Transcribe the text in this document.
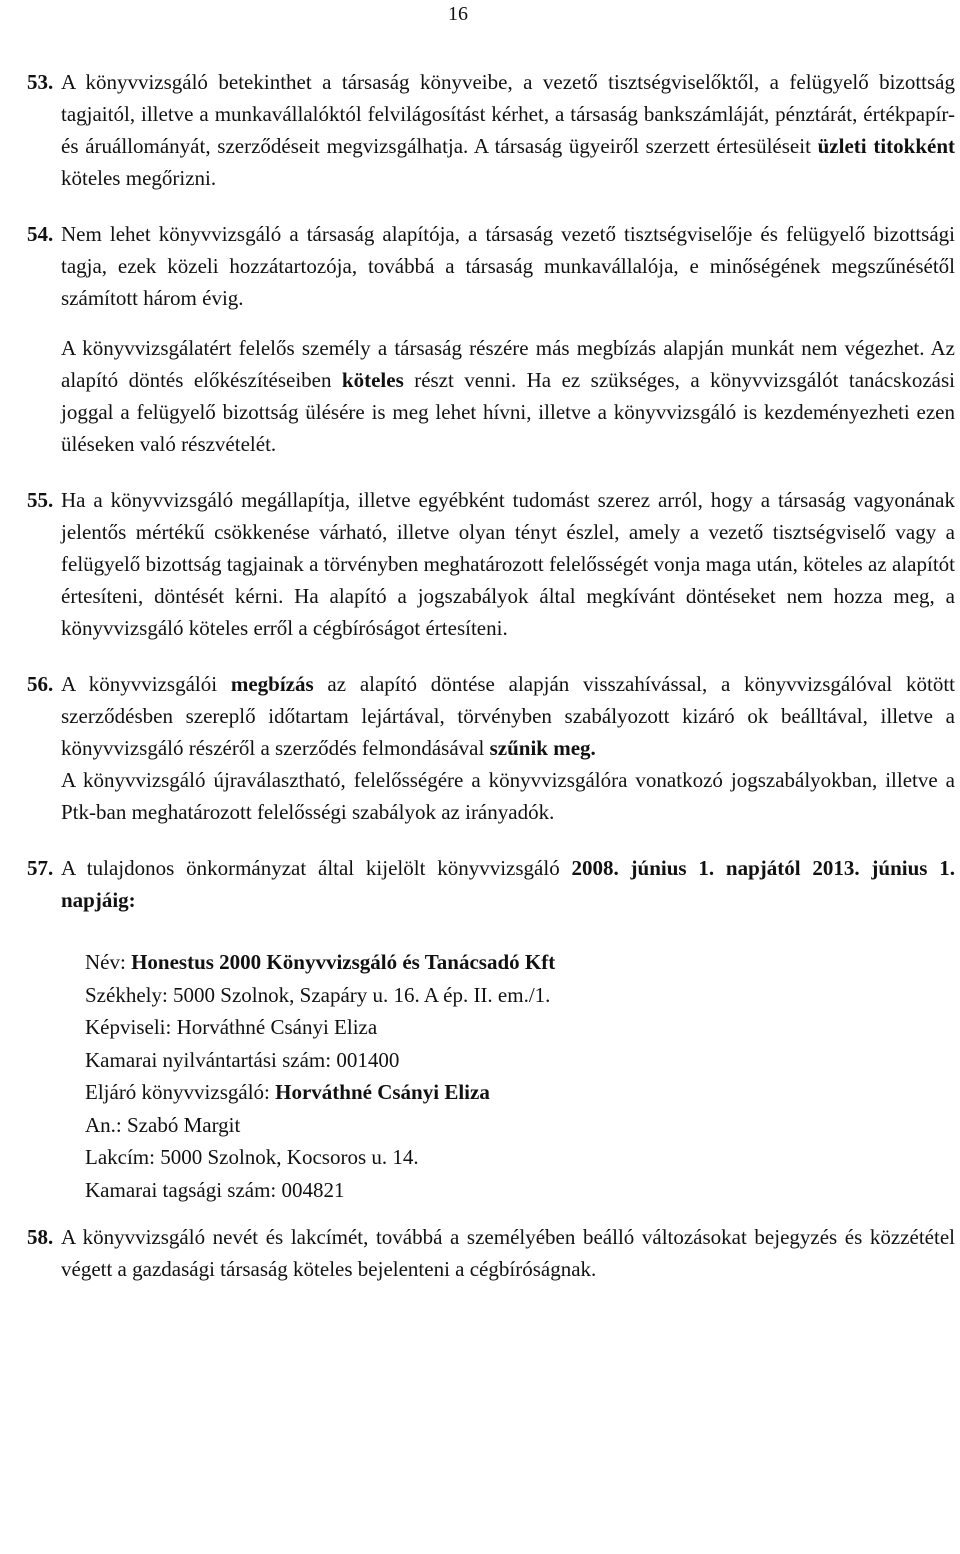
16
53. A könyvvizsgáló betekinthet a társaság könyveibe, a vezető tisztségviselőktől, a felügyelő bizottság tagjaitól, illetve a munkavállalóktól felvilágosítást kérhet, a társaság bankszámláját, pénztárát, értékpapír- és áruállományát, szerződéseit megvizsgálhatja. A társaság ügyeiről szerzett értesüléseit üzleti titokként köteles megőrizni.

54. Nem lehet könyvvizsgáló a társaság alapítója, a társaság vezető tisztségviselője és felügyelő bizottsági tagja, ezek közeli hozzátartozója, továbbá a társaság munkavállalója, e minőségének megszűnésétől számított három évig.

A könyvvizsgálatért felelős személy a társaság részére más megbízás alapján munkát nem végezhet. Az alapító döntés előkészítéseiben köteles részt venni. Ha ez szükséges, a könyvvizsgálót tanácskozási joggal a felügyelő bizottság ülésére is meg lehet hívni, illetve a könyvvizsgáló is kezdeményezheti ezen üléseken való részvételét.

55. Ha a könyvvizsgáló megállapítja, illetve egyébként tudomást szerez arról, hogy a társaság vagyonának jelentős mértékű csökkenése várható, illetve olyan tényt észlel, amely a vezető tisztségviselő vagy a felügyelő bizottság tagjainak a törvényben meghatározott felelősségét vonja maga után, köteles az alapítót értesíteni, döntését kérni. Ha alapító a jogszabályok által megkívánt döntéseket nem hozza meg, a könyvvizsgáló köteles erről a cégbíróságot értesíteni.

56. A könyvvizsgálói megbízás az alapító döntése alapján visszahívással, a könyvvizsgálóval kötött szerződésben szereplő időtartam lejártával, törvényben szabályozott kizáró ok beálltával, illetve a könyvvizsgáló részéről a szerződés felmondásával szűnik meg.

A könyvvizsgáló újraválasztható, felelősségére a könyvvizsgálóra vonatkozó jogszabályokban, illetve a Ptk-ban meghatározott felelősségi szabályok az irányadók.

57. A tulajdonos önkormányzat által kijelölt könyvvizsgáló 2008. június 1. napjától 2013. június 1. napjáig:

Név: Honestus 2000 Könyvvizsgáló és Tanácsadó Kft

Székhely: 5000 Szolnok, Szapáry u. 16. A ép. II. em./1.

Képviseli: Horváthné Csányi Eliza

Kamarai nyilvántartási szám: 001400

Eljáró könyvvizsgáló: Horváthné Csányi Eliza

An.: Szabó Margit

Lakcím: 5000 Szolnok, Kocsoros u. 14.

Kamarai tagsági szám: 004821

58. A könyvvizsgáló nevét és lakcímét, továbbá a személyében beálló változásokat bejegyzés és közzététel végett a gazdasági társaság köteles bejelenteni a cégbíróságnak.
